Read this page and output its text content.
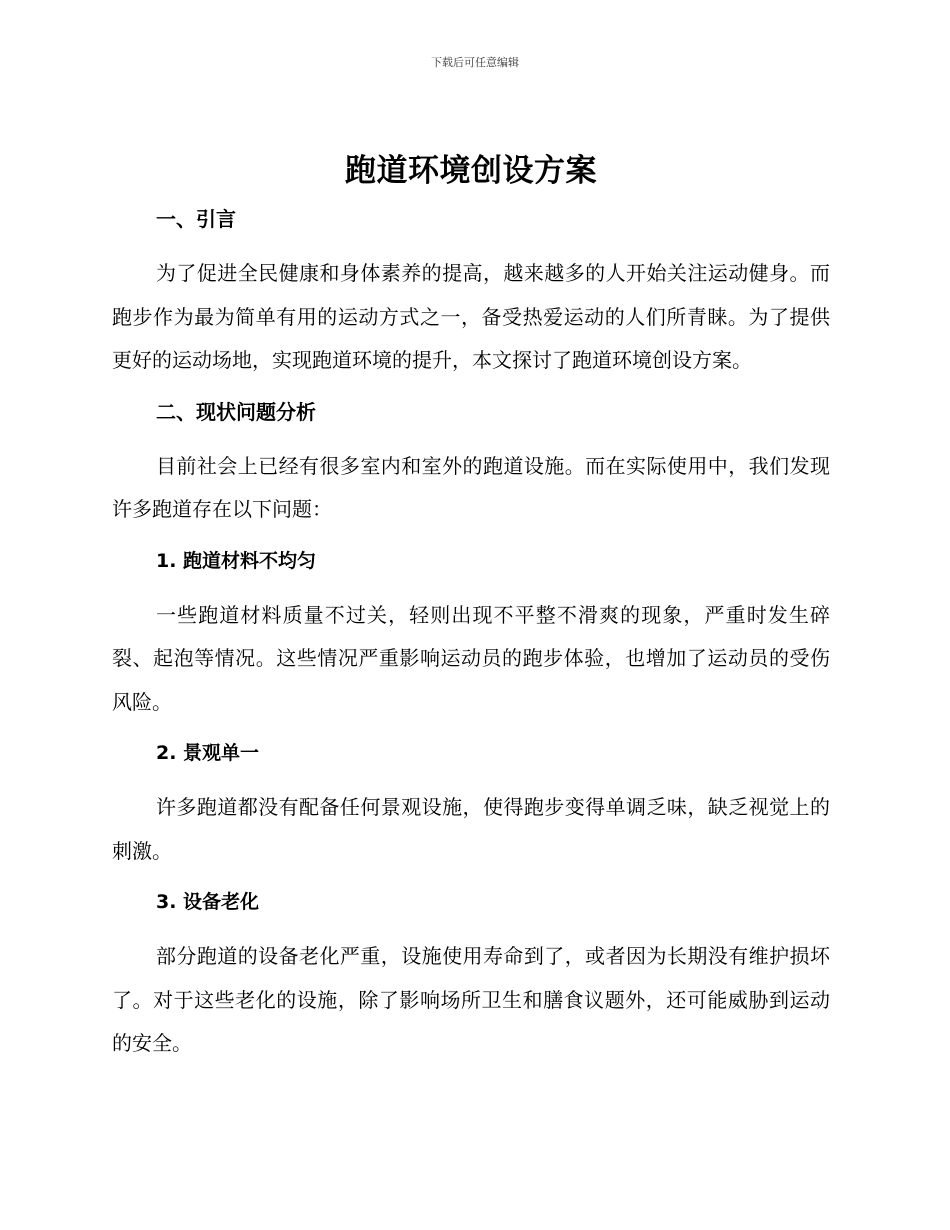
下载后可任意编辑
跑道环境创设方案
一、引言

为了促进全民健康和身体素养的提高，越来越多的人开始关注运动健身。而跑步作为最为简单有用的运动方式之一，备受热爱运动的人们所青睐。为了提供更好的运动场地，实现跑道环境的提升，本文探讨了跑道环境创设方案。

二、现状问题分析

目前社会上已经有很多室内和室外的跑道设施。而在实际使用中，我们发现许多跑道存在以下问题：

1. 跑道材料不均匀

一些跑道材料质量不过关，轻则出现不平整不滑爽的现象，严重时发生碎裂、起泡等情况。这些情况严重影响运动员的跑步体验，也增加了运动员的受伤风险。

2. 景观单一

许多跑道都没有配备任何景观设施，使得跑步变得单调乏味，缺乏视觉上的刺激。

3. 设备老化

部分跑道的设备老化严重，设施使用寿命到了，或者因为长期没有维护损坏了。对于这些老化的设施，除了影响场所卫生和膳食议题外，还可能威胁到运动的安全。
